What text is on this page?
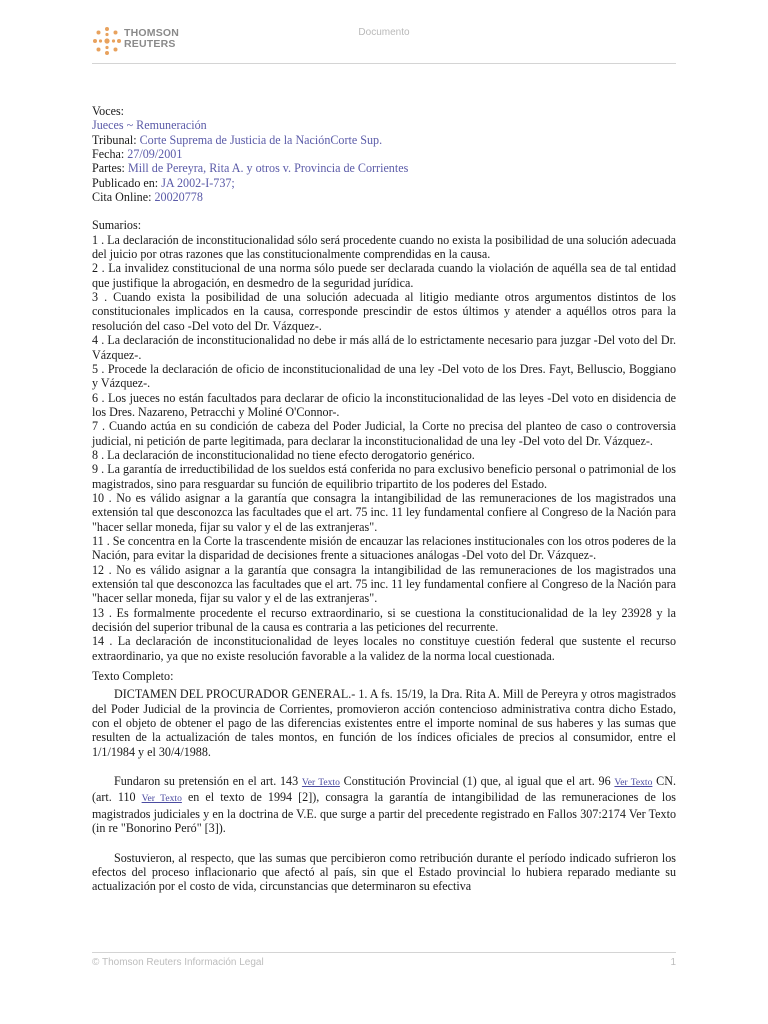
THOMSON
REUTERS
Documento
Voces:
Jueces ~ Remuneración
Tribunal: Corte Suprema de Justicia de la NaciónCorte Sup.
Fecha: 27/09/2001
Partes: Mill de Pereyra, Rita A. y otros v. Provincia de Corrientes
Publicado en: JA 2002-I-737;
Cita Online: 20020778
Sumarios:
1 . La declaración de inconstitucionalidad sólo será procedente cuando no exista la posibilidad de una solución adecuada del juicio por otras razones que las constitucionalmente comprendidas en la causa.
2 . La invalidez constitucional de una norma sólo puede ser declarada cuando la violación de aquélla sea de tal entidad que justifique la abrogación, en desmedro de la seguridad jurídica.
3 . Cuando exista la posibilidad de una solución adecuada al litigio mediante otros argumentos distintos de los constitucionales implicados en la causa, corresponde prescindir de estos últimos y atender a aquéllos otros para la resolución del caso -Del voto del Dr. Vázquez-.
4 . La declaración de inconstitucionalidad no debe ir más allá de lo estrictamente necesario para juzgar -Del voto del Dr. Vázquez-.
5 . Procede la declaración de oficio de inconstitucionalidad de una ley -Del voto de los Dres. Fayt, Belluscio, Boggiano y Vázquez-.
6 . Los jueces no están facultados para declarar de oficio la inconstitucionalidad de las leyes -Del voto en disidencia de los Dres. Nazareno, Petracchi y Moliné O'Connor-.
7 . Cuando actúa en su condición de cabeza del Poder Judicial, la Corte no precisa del planteo de caso o controversia judicial, ni petición de parte legitimada, para declarar la inconstitucionalidad de una ley -Del voto del Dr. Vázquez-.
8 . La declaración de inconstitucionalidad no tiene efecto derogatorio genérico.
9 . La garantía de irreductibilidad de los sueldos está conferida no para exclusivo beneficio personal o patrimonial de los magistrados, sino para resguardar su función de equilibrio tripartito de los poderes del Estado.
10 . No es válido asignar a la garantía que consagra la intangibilidad de las remuneraciones de los magistrados una extensión tal que desconozca las facultades que el art. 75 inc. 11 ley fundamental confiere al Congreso de la Nación para "hacer sellar moneda, fijar su valor y el de las extranjeras".
11 . Se concentra en la Corte la trascendente misión de encauzar las relaciones institucionales con los otros poderes de la Nación, para evitar la disparidad de decisiones frente a situaciones análogas -Del voto del Dr. Vázquez-.
12 . No es válido asignar a la garantía que consagra la intangibilidad de las remuneraciones de los magistrados una extensión tal que desconozca las facultades que el art. 75 inc. 11 ley fundamental confiere al Congreso de la Nación para "hacer sellar moneda, fijar su valor y el de las extranjeras".
13 . Es formalmente procedente el recurso extraordinario, si se cuestiona la constitucionalidad de la ley 23928 y la decisión del superior tribunal de la causa es contraria a las peticiones del recurrente.
14 . La declaración de inconstitucionalidad de leyes locales no constituye cuestión federal que sustente el recurso extraordinario, ya que no existe resolución favorable a la validez de la norma local cuestionada.
Texto Completo:
DICTAMEN DEL PROCURADOR GENERAL.- 1. A fs. 15/19, la Dra. Rita A. Mill de Pereyra y otros magistrados del Poder Judicial de la provincia de Corrientes, promovieron acción contencioso administrativa contra dicho Estado, con el objeto de obtener el pago de las diferencias existentes entre el importe nominal de sus haberes y las sumas que resulten de la actualización de tales montos, en función de los índices oficiales de precios al consumidor, entre el 1/1/1984 y el 30/4/1988.
Fundaron su pretensión en el art. 143 Ver Texto Constitución Provincial (1) que, al igual que el art. 96 Ver Texto CN. (art. 110 Ver Texto en el texto de 1994 [2]), consagra la garantía de intangibilidad de las remuneraciones de los magistrados judiciales y en la doctrina de V.E. que surge a partir del precedente registrado en Fallos 307:2174 Ver Texto (in re "Bonorino Peró" [3]).
Sostuvieron, al respecto, que las sumas que percibieron como retribución durante el período indicado sufrieron los efectos del proceso inflacionario que afectó al país, sin que el Estado provincial lo hubiera reparado mediante su actualización por el costo de vida, circunstancias que determinaron su efectiva
© Thomson Reuters Información Legal	1
